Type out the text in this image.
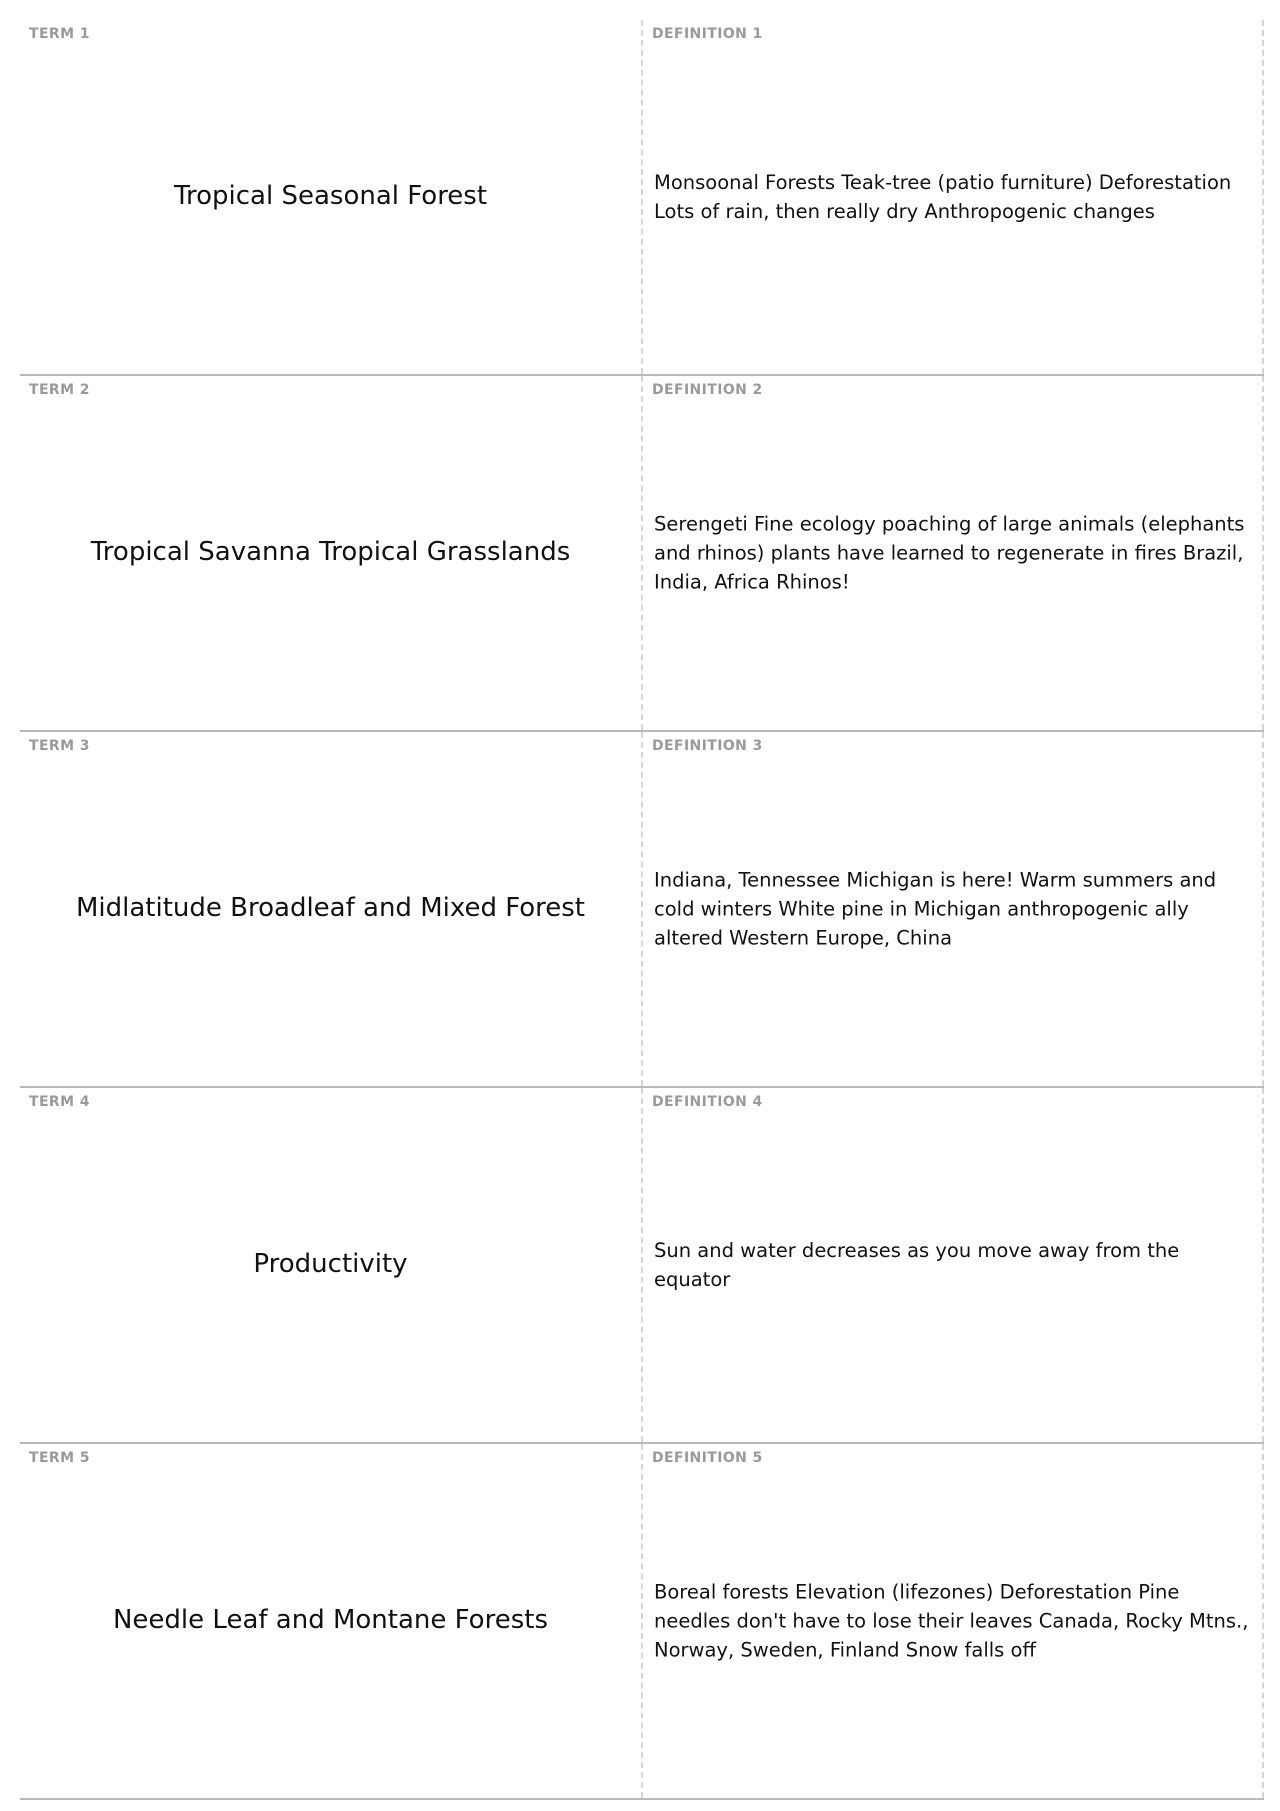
TERM 1
Tropical Seasonal Forest
DEFINITION 1
Monsoonal Forests Teak-tree (patio furniture) Deforestation Lots of rain, then really dry Anthropogenic changes
TERM 2
Tropical Savanna Tropical Grasslands
DEFINITION 2
Serengeti Fine ecology poaching of large animals (elephants and rhinos) plants have learned to regenerate in fires Brazil, India, Africa Rhinos!
TERM 3
Midlatitude Broadleaf and Mixed Forest
DEFINITION 3
Indiana, Tennessee Michigan is here! Warm summers and cold winters White pine in Michigan anthropogenic ally altered Western Europe, China
TERM 4
Productivity
DEFINITION 4
Sun and water decreases as you move away from the equator
TERM 5
Needle Leaf and Montane Forests
DEFINITION 5
Boreal forests Elevation (lifezones) Deforestation Pine needles don't have to lose their leaves Canada, Rocky Mtns., Norway, Sweden, Finland Snow falls off
